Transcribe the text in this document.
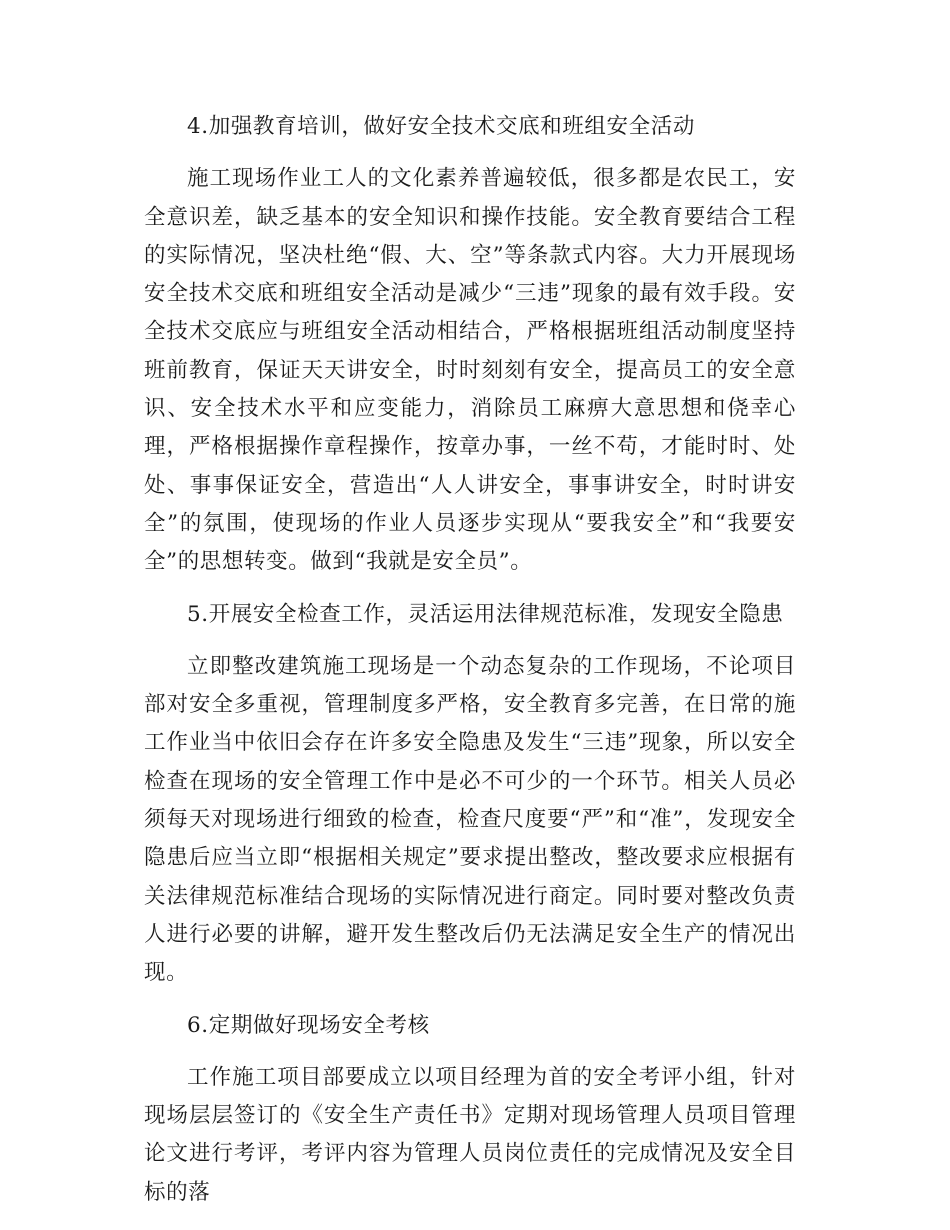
4.加强教育培训，做好安全技术交底和班组安全活动

施工现场作业工人的文化素养普遍较低，很多都是农民工，安全意识差，缺乏基本的安全知识和操作技能。安全教育要结合工程的实际情况，坚决杜绝“假、大、空”等条款式内容。大力开展现场安全技术交底和班组安全活动是减少“三违”现象的最有效手段。安全技术交底应与班组安全活动相结合，严格根据班组活动制度坚持班前教育，保证天天讲安全，时时刻刻有安全，提高员工的安全意识、安全技术水平和应变能力，消除员工麻痹大意思想和侥幸心理，严格根据操作章程操作，按章办事，一丝不苟，才能时时、处处、事事保证安全，营造出“人人讲安全，事事讲安全，时时讲安全”的氛围，使现场的作业人员逐步实现从“要我安全”和“我要安全”的思想转变。做到“我就是安全员”。

5.开展安全检查工作，灵活运用法律规范标准，发现安全隐患

立即整改建筑施工现场是一个动态复杂的工作现场，不论项目部对安全多重视，管理制度多严格，安全教育多完善，在日常的施工作业当中依旧会存在许多安全隐患及发生“三违”现象，所以安全检查在现场的安全管理工作中是必不可少的一个环节。相关人员必须每天对现场进行细致的检查，检查尺度要“严”和“准”，发现安全隐患后应当立即“根据相关规定”要求提出整改，整改要求应根据有关法律规范标准结合现场的实际情况进行商定。同时要对整改负责人进行必要的讲解，避开发生整改后仍无法满足安全生产的情况出现。

6.定期做好现场安全考核

工作施工项目部要成立以项目经理为首的安全考评小组，针对现场层层签订的《安全生产责任书》定期对现场管理人员项目管理论文进行考评，考评内容为管理人员岗位责任的完成情况及安全目标的落
